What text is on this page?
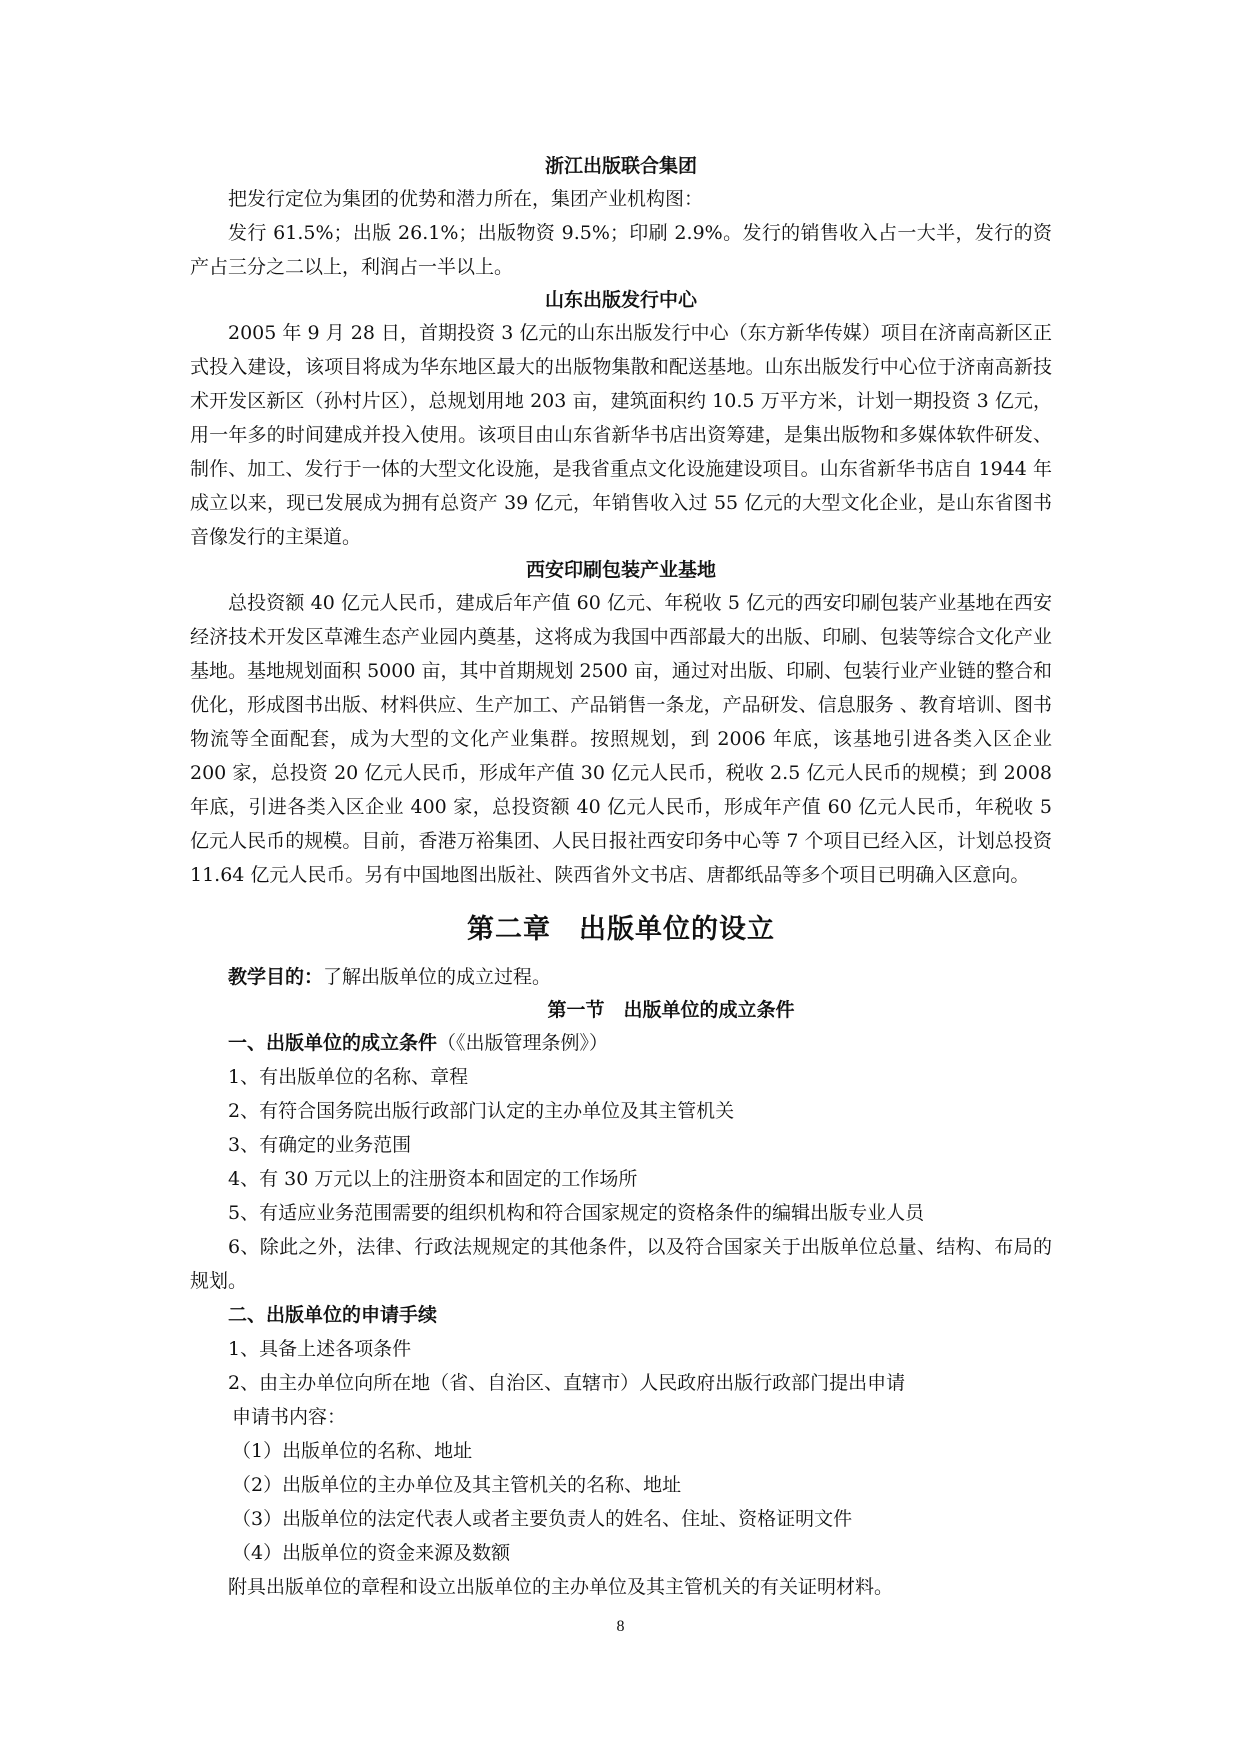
浙江出版联合集团

把发行定位为集团的优势和潜力所在，集团产业机构图：

发行 61.5%；出版 26.1%；出版物资 9.5%；印刷 2.9%。发行的销售收入占一大半，发行的资产占三分之二以上，利润占一半以上。

山东出版发行中心

2005 年 9 月 28 日，首期投资 3 亿元的山东出版发行中心（东方新华传媒）项目在济南高新区正式投入建设，该项目将成为华东地区最大的出版物集散和配送基地。山东出版发行中心位于济南高新技术开发区新区（孙村片区），总规划用地 203 亩，建筑面积约 10.5 万平方米，计划一期投资 3 亿元，用一年多的时间建成并投入使用。该项目由山东省新华书店出资筹建，是集出版物和多媒体软件研发、制作、加工、发行于一体的大型文化设施，是我省重点文化设施建设项目。山东省新华书店自 1944 年成立以来，现已发展成为拥有总资产 39 亿元，年销售收入过 55 亿元的大型文化企业，是山东省图书音像发行的主渠道。

西安印刷包装产业基地

总投资额 40 亿元人民币，建成后年产值 60 亿元、年税收 5 亿元的西安印刷包装产业基地在西安经济技术开发区草滩生态产业园内奠基，这将成为我国中西部最大的出版、印刷、包装等综合文化产业基地。基地规划面积 5000 亩，其中首期规划 2500 亩，通过对出版、印刷、包装行业产业链的整合和优化，形成图书出版、材料供应、生产加工、产品销售一条龙，产品研发、信息服务 、教育培训、图书物流等全面配套，成为大型的文化产业集群。按照规划，到 2006 年底，该基地引进各类入区企业 200 家，总投资 20 亿元人民币，形成年产值 30 亿元人民币，税收 2.5 亿元人民币的规模；到 2008 年底，引进各类入区企业 400 家，总投资额 40 亿元人民币，形成年产值 60 亿元人民币，年税收 5 亿元人民币的规模。目前，香港万裕集团、人民日报社西安印务中心等 7 个项目已经入区，计划总投资 11.64 亿元人民币。另有中国地图出版社、陕西省外文书店、唐都纸品等多个项目已明确入区意向。

第二章　出版单位的设立
教学目的：了解出版单位的成立过程。
第一节　出版单位的成立条件
一、出版单位的成立条件（《出版管理条例》）
1、有出版单位的名称、章程
2、有符合国务院出版行政部门认定的主办单位及其主管机关
3、有确定的业务范围
4、有 30 万元以上的注册资本和固定的工作场所
5、有适应业务范围需要的组织机构和符合国家规定的资格条件的编辑出版专业人员

6、除此之外，法律、行政法规规定的其他条件，以及符合国家关于出版单位总量、结构、布局的规划。

二、出版单位的申请手续
1、具备上述各项条件
2、由主办单位向所在地（省、自治区、直辖市）人民政府出版行政部门提出申请
申请书内容：
（1）出版单位的名称、地址
（2）出版单位的主办单位及其主管机关的名称、地址
（3）出版单位的法定代表人或者主要负责人的姓名、住址、资格证明文件
（4）出版单位的资金来源及数额
附具出版单位的章程和设立出版单位的主办单位及其主管机关的有关证明材料。
8
